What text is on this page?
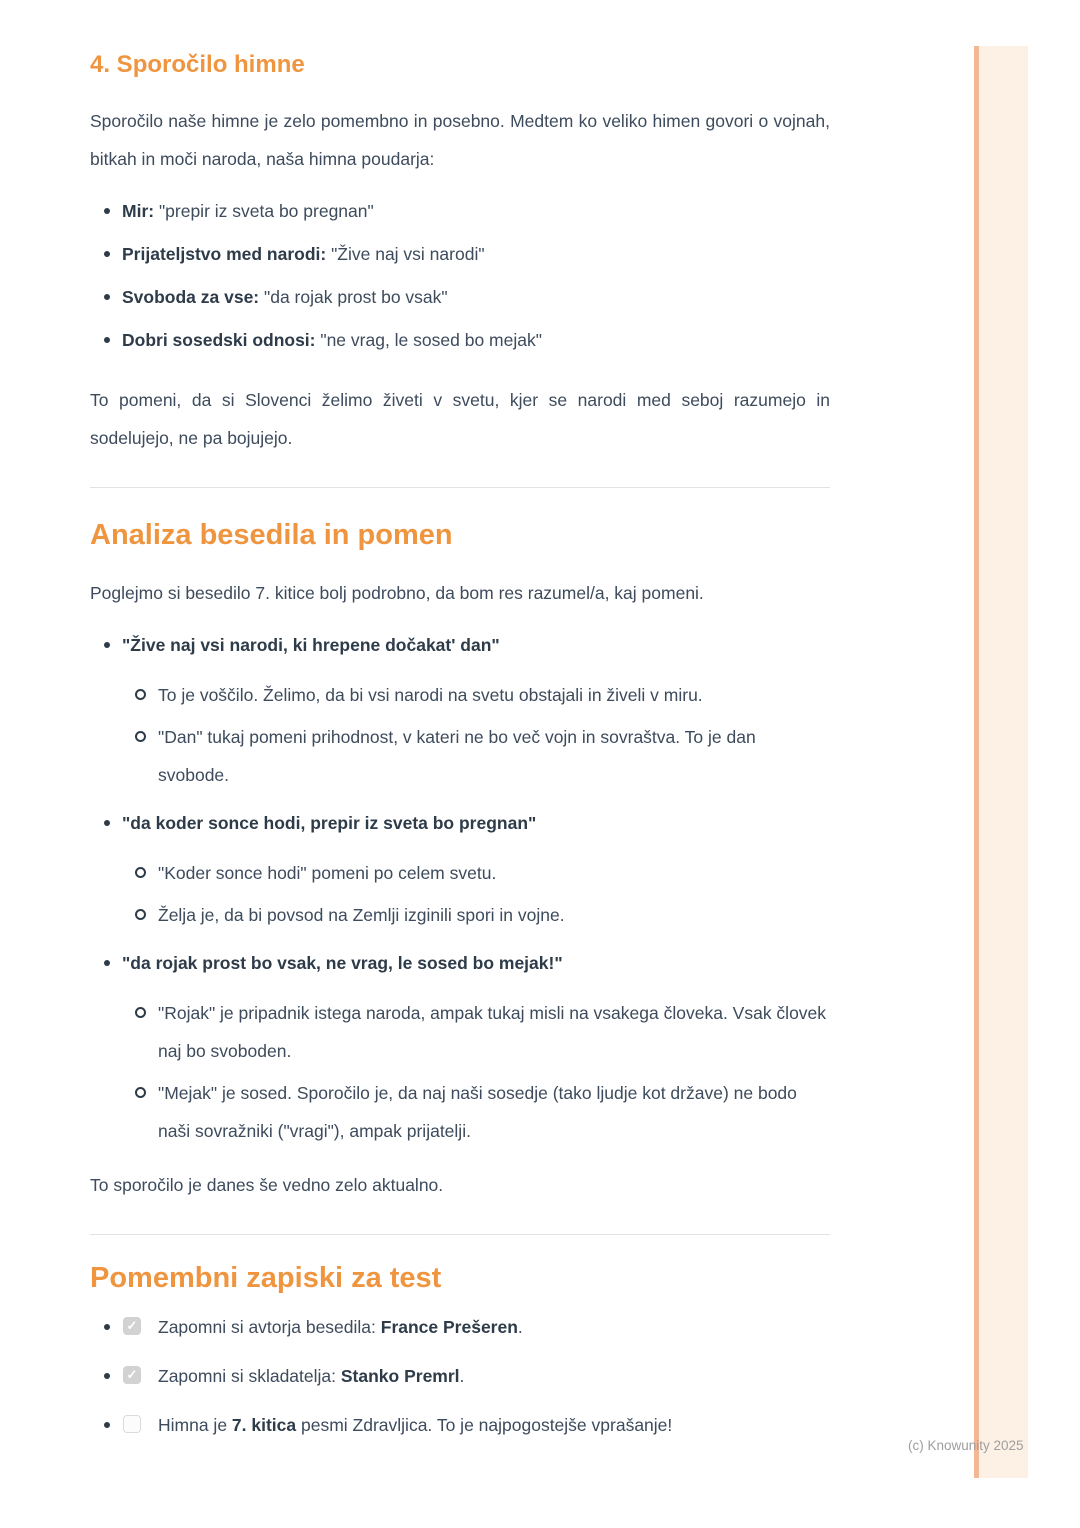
4. Sporočilo himne

Sporočilo naše himne je zelo pomembno in posebno. Medtem ko veliko himen govori o vojnah, bitkah in moči naroda, naša himna poudarja:

Mir: "prepir iz sveta bo pregnan"
Prijateljstvo med narodi: "Žive naj vsi narodi"
Svoboda za vse: "da rojak prost bo vsak"
Dobri sosedski odnosi: "ne vrag, le sosed bo mejak"

To pomeni, da si Slovenci želimo živeti v svetu, kjer se narodi med seboj razumejo in sodelujejo, ne pa bojujejo.

Analiza besedila in pomen

Poglejmo si besedilo 7. kitice bolj podrobno, da bom res razumel/a, kaj pomeni.

"Žive naj vsi narodi, ki hrepene dočakat' dan"
To je voščilo. Želimo, da bi vsi narodi na svetu obstajali in živeli v miru.
"Dan" tukaj pomeni prihodnost, v kateri ne bo več vojn in sovraštva. To je dan svobode.
"da koder sonce hodi, prepir iz sveta bo pregnan"
"Koder sonce hodi" pomeni po celem svetu.
Želja je, da bi povsod na Zemlji izginili spori in vojne.
"da rojak prost bo vsak, ne vrag, le sosed bo mejak!"
"Rojak" je pripadnik istega naroda, ampak tukaj misli na vsakega človeka. Vsak človek naj bo svoboden.
"Mejak" je sosed. Sporočilo je, da naj naši sosedje (tako ljudje kot države) ne bodo naši sovražniki ("vragi"), ampak prijatelji.

To sporočilo je danes še vedno zelo aktualno.

Pomembni zapiski za test
✓ Zapomni si avtorja besedila: France Prešeren.
✓ Zapomni si skladatelja: Stanko Premrl.
Himna je 7. kitica pesmi Zdravljica. To je najpogostejše vprašanje!
(c) Knowunity 2025
